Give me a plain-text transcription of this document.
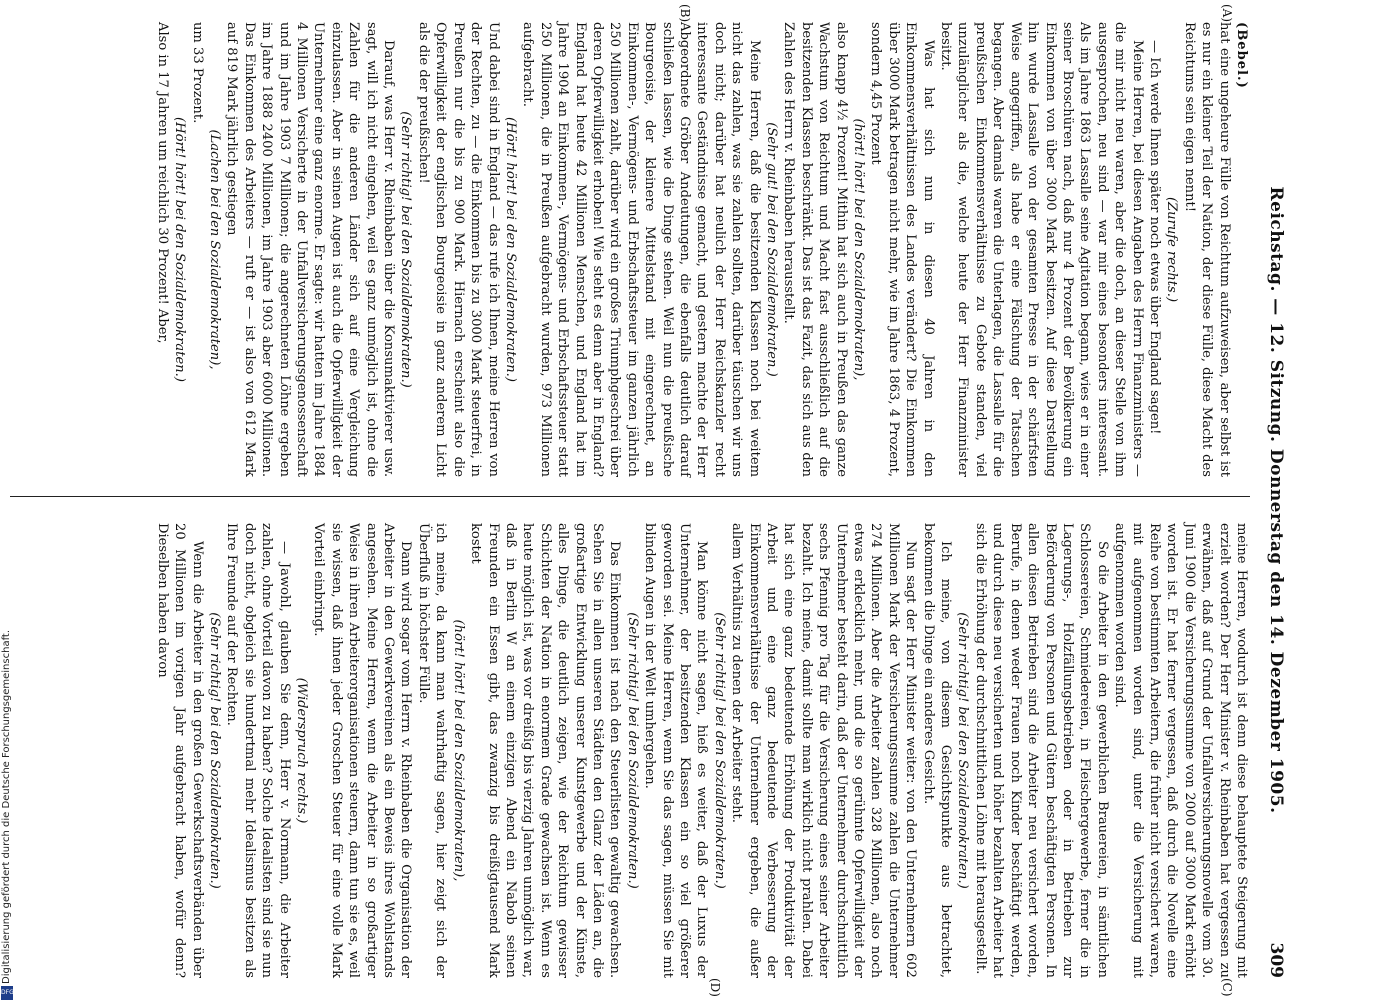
Reichstag. — 12. Sitzung. Donnerstag den 14. Dezember 1905.
309
(A)
(B)
(C)
(D)

(Bebel.)

hat eine ungeheure Fülle von Reichtum aufzuweisen, aber selbst ist es nur ein kleiner Teil der Nation, der diese Fülle, diese Macht des Reichtums sein eigen nennt!

(Zurufe rechts.)

— Ich werde Ihnen später noch etwas über England sagen!

Meine Herren, bei diesen Angaben des Herrn Finanzministers — die mir nicht neu waren, aber die doch, an dieser Stelle von ihm ausgesprochen, neu sind — war mir eines besonders interessant. Als im Jahre 1863 Lassalle seine Agitation begann, wies er in einer seiner Broschüren nach, daß nur 4 Prozent der Bevölkerung ein Einkommen von über 3000 Mark besitzen. Auf diese Darstellung hin wurde Lassalle von der gesamten Presse in der schärfsten Weise angegriffen, als habe er eine Fälschung der Tatsachen begangen. Aber damals waren die Unterlagen, die Lassalle für die preußischen Einkommensverhältnisse zu Gebote standen, viel unzulänglicher als die, welche heute der Herr Finanzminister besitzt.

Was hat sich nun in diesen 40 Jahren in den Einkommensverhältnissen des Landes verändert? Die Einkommen über 3000 Mark betragen nicht mehr, wie im Jahre 1863, 4 Prozent, sondern 4,45 Prozent

(hört! hört! bei den Sozialdemokraten),

also knapp 4½ Prozent! Mithin hat sich auch in Preußen das ganze Wachstum von Reichtum und Macht fast ausschließlich auf die besitzenden Klassen beschränkt. Das ist das Fazit, das sich aus den Zahlen des Herrn v. Rheinbaben herausstellt.

(Sehr gut! bei den Sozialdemokraten.)

Meine Herren, daß die besitzenden Klassen noch bei weitem nicht das zahlen, was sie zahlen sollten, darüber täuschen wir uns doch nicht; darüber hat neulich der Herr Reichskanzler recht interessante Geständnisse gemacht, und gestern machte der Herr Abgeordnete Gröber Andeutungen, die ebenfalls deutlich darauf schließen lassen, wie die Dinge stehen. Weil nun die preußische Bourgeoisie, der kleinere Mittelstand mit eingerechnet, an Einkommen-, Vermögens- und Erbschaftssteuer im ganzen jährlich 250 Millionen zahlt, darüber wird ein großes Triumphgeschrei über deren Opferwilligkeit erhoben! Wie steht es denn aber in England? England hat heute 42 Millionen Menschen, und England hat im Jahre 1904 an Einkommen-, Vermögens- und Erbschaftssteuer statt 250 Millionen, die in Preußen aufgebracht wurden, 973 Millionen aufgebracht.

(Hört! hört! bei den Sozialdemokraten.)

Und dabei sind in England — das rufe ich Ihnen, meine Herren von der Rechten, zu — die Einkommen bis zu 3000 Mark steuerfrei, in Preußen nur die bis zu 900 Mark. Hiernach erscheint also die Opferwilligkeit der englischen Bourgeoisie in ganz anderem Licht als die der preußischen!

(Sehr richtig! bei den Sozialdemokraten.)

Darauf, was Herr v. Rheinbaben über die Konsumaktivierer usw. sagt, will ich nicht eingehen, weil es ganz unmöglich ist, ohne die Zahlen für die anderen Länder sich auf eine Vergleichung einzulassen. Aber in seinen Augen ist auch die Opferwilligkeit der Unternehmer eine ganz enorme. Er sagte: wir hatten im Jahre 1884 4 Millionen Versicherte in der Unfallversicherungsgenossenschaft und im Jahre 1903 7 Millionen; die angerechneten Löhne ergeben im Jahre 1888 2400 Millionen, im Jahre 1903 aber 6000 Millionen. Das Einkommen des Arbeiters — ruft er — ist also von 612 Mark auf 819 Mark jährlich gestiegen

(Lachen bei den Sozialdemokraten),

um 33 Prozent.

(Hört! hört! bei den Sozialdemokraten.)

Also in 17 Jahren um reichlich 30 Prozent! Aber,

meine Herren, wodurch ist denn diese behauptete Steigerung mit erzielt worden? Der Herr Minister v. Rheinbaben hat vergessen zu erwähnen, daß auf Grund der Unfallversicherungsnovelle vom 30. Juni 1900 die Versicherungssumme von 2000 auf 3000 Mark erhöht worden ist. Er hat ferner vergessen, daß durch die Novelle eine Reihe von bestimmten Arbeitern, die früher nicht versichert waren, mit aufgenommen worden sind, unter die Versicherung mit aufgenommen worden sind.

So die Arbeiter in den gewerblichen Brauereien, in sämtlichen Schlossereien, Schmiedereien, in Fleischergewerbe, ferner die in Lagerungs-, Holzfällungsbetrieben oder in Betrieben zur Beförderung von Personen und Gütern beschäftigten Personen. In allen diesen Betrieben sind die Arbeiter neu versichert worden, Berufe, in denen weder Frauen noch Kinder beschäftigt werden, und durch diese neu versicherten und höher bezahlten Arbeiter hat sich die Erhöhung der durchschnittlichen Löhne mit herausgestellt.

(Sehr richtig! bei den Sozialdemokraten.)

Ich meine, von diesem Gesichtspunkte aus betrachtet, bekommen die Dinge ein anderes Gesicht.

Nun sagt der Herr Minister weiter: von den Unternehmern 602 Millionen Mark der Versicherungssumme zahlen die Unternehmer 274 Millionen. Aber die Arbeiter zahlen 328 Millionen, also noch etwas erklecklich mehr, und die so gerühmte Opferwilligkeit der Unternehmer besteht darin, daß der Unternehmer durchschnittlich sechs Pfennig pro Tag für die Versicherung eines seiner Arbeiter bezahlt. Ich meine, damit sollte man wirklich nicht prahlen. Dabei hat sich eine ganz bedeutende Erhöhung der Produktivität der Arbeit und eine ganz bedeutende Verbesserung der Einkommensverhältnisse der Unternehmer ergeben, die außer allem Verhältnis zu denen der Arbeiter steht.

(Sehr richtig! bei den Sozialdemokraten.)

Man könne nicht sagen, hieß es weiter, daß der Luxus der Unternehmer, der besitzenden Klassen ein so viel größerer geworden sei. Meine Herren, wenn Sie das sagen, müssen Sie mit blinden Augen in der Welt umhergehen.

(Sehr richtig! bei den Sozialdemokraten.)

Das Einkommen ist nach den Steuerlisten gewaltig gewachsen. Sehen Sie in allen unseren Städten den Glanz der Läden an, die großartige Entwicklung unserer Kunstgewerbe und der Künste, alles Dinge, die deutlich zeigen, wie der Reichtum gewisser Schichten der Nation in enormem Grade gewachsen ist. Wenn es heute möglich ist, was vor dreißig bis vierzig Jahren unmöglich war, daß in Berlin W an einem einzigen Abend ein Nabob seinen Freunden ein Essen gibt, das zwanzig bis dreißigtausend Mark kostet

(hört! hört! bei den Sozialdemokraten),

ich meine, da kann man wahrhaftig sagen, hier zeigt sich der Überfluß in höchster Fülle.

Dann wird sogar vom Herrn v. Rheinbaben die Organisation der Arbeiter in den Gewerkvereinen als ein Beweis ihres Wohlstands angesehen. Meine Herren, wenn die Arbeiter in so großartiger Weise in ihren Arbeiterorganisationen steuern, dann tun sie es, weil sie wissen, daß ihnen jeder Groschen Steuer für eine volle Mark Vorteil einbringt.

(Widerspruch rechts.)

— Jawohl, glauben Sie denn, Herr v. Normann, die Arbeiter zahlen, ohne Vorteil davon zu haben? Solche Idealisten sind sie nun doch nicht, obgleich sie hundertmal mehr Idealismus besitzen als Ihre Freunde auf der Rechten.

(Sehr richtig! bei den Sozialdemokraten.)

Wenn die Arbeiter in den großen Gewerkschaftsverbänden über 20 Millionen im vorigen Jahr aufgebracht haben, wofür denn? Dieselben haben davon

Digitalisierung gefördert durch die Deutsche Forschungsgemeinschaft.
DFG
